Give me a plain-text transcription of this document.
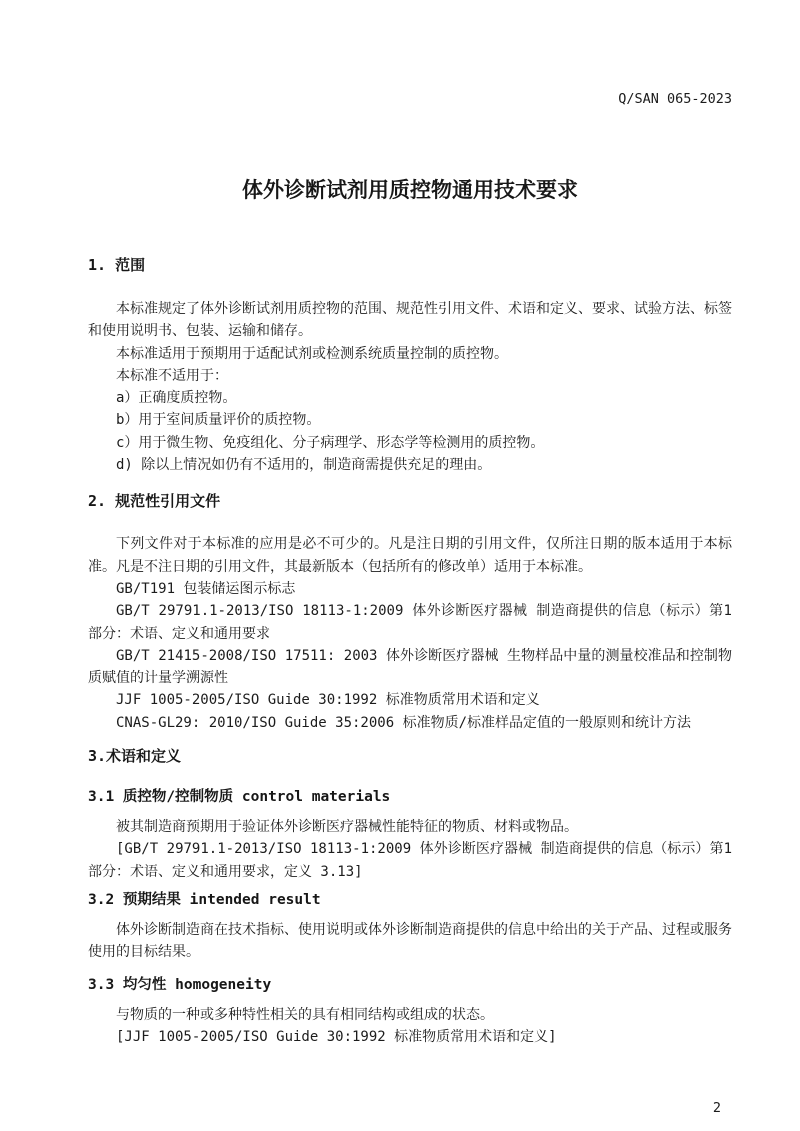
Q/SAN 065-2023
体外诊断试剂用质控物通用技术要求
1. 范围

本标准规定了体外诊断试剂用质控物的范围、规范性引用文件、术语和定义、要求、试验方法、标签和使用说明书、包装、运输和储存。

本标准适用于预期用于适配试剂或检测系统质量控制的质控物。

本标准不适用于：

a）正确度质控物。

b）用于室间质量评价的质控物。

c）用于微生物、免疫组化、分子病理学、形态学等检测用的质控物。

d) 除以上情况如仍有不适用的，制造商需提供充足的理由。

2. 规范性引用文件

下列文件对于本标准的应用是必不可少的。凡是注日期的引用文件，仅所注日期的版本适用于本标准。凡是不注日期的引用文件，其最新版本（包括所有的修改单）适用于本标准。

GB/T191 包装储运图示标志

GB/T 29791.1-2013/ISO 18113-1:2009 体外诊断医疗器械 制造商提供的信息（标示）第1部分：术语、定义和通用要求

GB/T 21415-2008/ISO 17511: 2003 体外诊断医疗器械 生物样品中量的测量校准品和控制物质赋值的计量学溯源性

JJF 1005-2005/ISO Guide 30:1992 标准物质常用术语和定义

CNAS-GL29: 2010/ISO Guide 35:2006 标准物质/标准样品定值的一般原则和统计方法

3.术语和定义
3.1 质控物/控制物质 control materials

被其制造商预期用于验证体外诊断医疗器械性能特征的物质、材料或物品。

[GB/T 29791.1-2013/ISO 18113-1:2009 体外诊断医疗器械 制造商提供的信息（标示）第1部分：术语、定义和通用要求，定义 3.13]

3.2 预期结果 intended result

体外诊断制造商在技术指标、使用说明或体外诊断制造商提供的信息中给出的关于产品、过程或服务使用的目标结果。

3.3 均匀性 homogeneity

与物质的一种或多种特性相关的具有相同结构或组成的状态。

[JJF 1005-2005/ISO Guide 30:1992 标准物质常用术语和定义]

2
